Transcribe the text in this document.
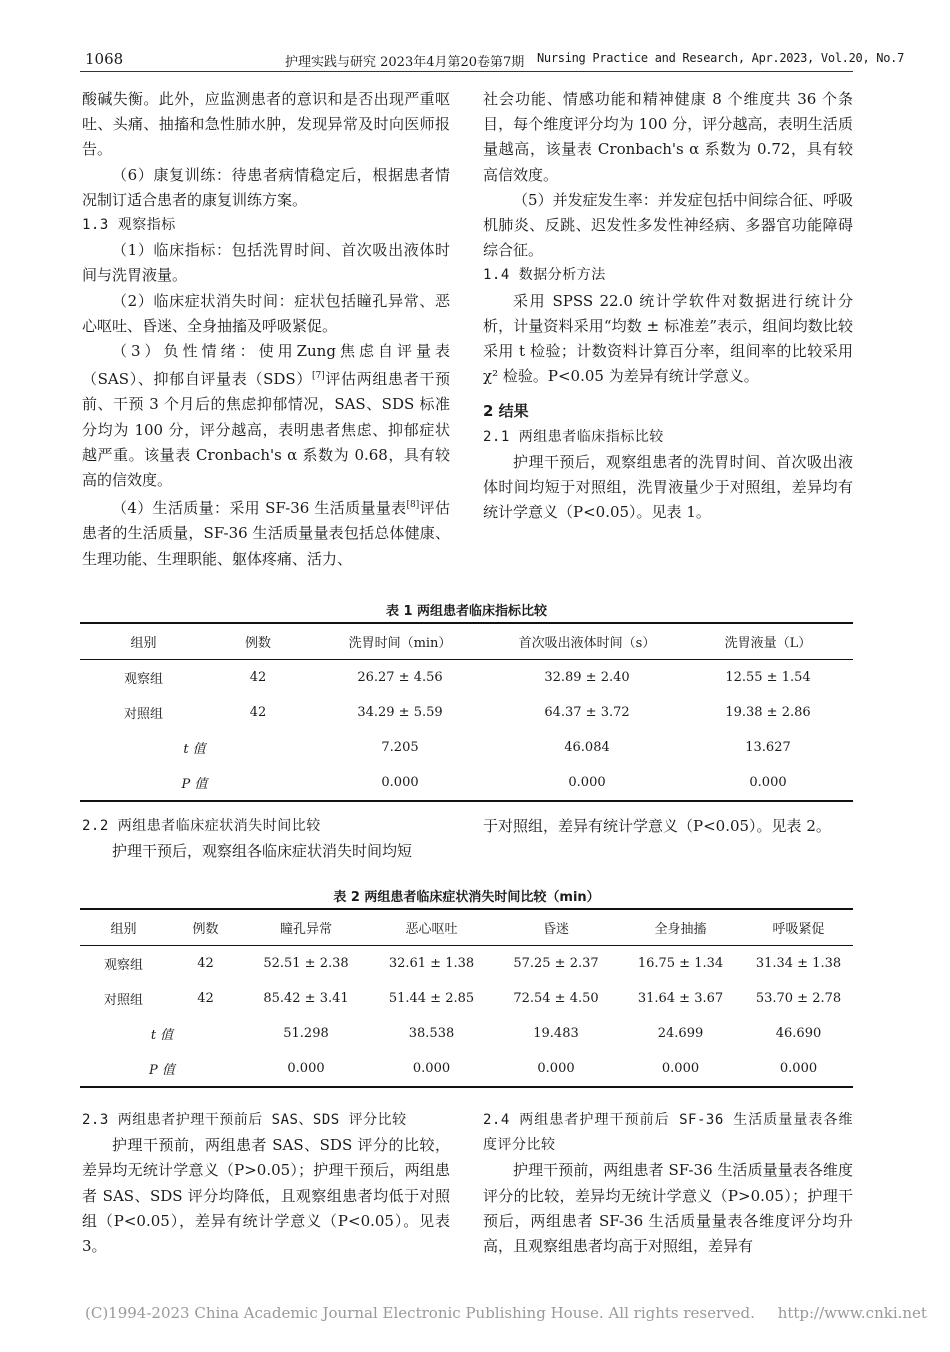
1068	护理实践与研究 2023年4月第20卷第7期 Nursing Practice and Research, Apr.2023, Vol.20, No.7

酸碱失衡。此外，应监测患者的意识和是否出现严重呕吐、头痛、抽搐和急性肺水肿，发现异常及时向医师报告。

（6）康复训练：待患者病情稳定后，根据患者情况制订适合患者的康复训练方案。

1.3 观察指标

（1）临床指标：包括洗胃时间、首次吸出液体时间与洗胃液量。

（2）临床症状消失时间：症状包括瞳孔异常、恶心呕吐、昏迷、全身抽搐及呼吸紧促。

（3）负性情绪：使用Zung焦虑自评量表（SAS）、抑郁自评量表（SDS）[7]评估两组患者干预前、干预 3 个月后的焦虑抑郁情况，SAS、SDS 标准分均为 100 分，评分越高，表明患者焦虑、抑郁症状越严重。该量表 Cronbach's α 系数为 0.68，具有较高的信效度。

（4）生活质量：采用 SF-36 生活质量量表[8]评估患者的生活质量，SF-36 生活质量量表包括总体健康、生理功能、生理职能、躯体疼痛、活力、

社会功能、情感功能和精神健康 8 个维度共 36 个条目，每个维度评分均为 100 分，评分越高，表明生活质量越高，该量表 Cronbach's α 系数为 0.72，具有较高信效度。

（5）并发症发生率：并发症包括中间综合征、呼吸机肺炎、反跳、迟发性多发性神经病、多器官功能障碍综合征。

1.4 数据分析方法

采用 SPSS 22.0 统计学软件对数据进行统计分析，计量资料采用“均数 ± 标准差”表示，组间均数比较采用 t 检验；计数资料计算百分率，组间率的比较采用 χ² 检验。P<0.05 为差异有统计学意义。

2 结果

2.1 两组患者临床指标比较

护理干预后，观察组患者的洗胃时间、首次吸出液体时间均短于对照组，洗胃液量少于对照组，差异均有统计学意义（P<0.05）。见表 1。

表 1 两组患者临床指标比较
组别	例数	洗胃时间（min）	首次吸出液体时间（s）	洗胃液量（L）
观察组	42	26.27 ± 4.56	32.89 ± 2.40	12.55 ± 1.54
对照组	42	34.29 ± 5.59	64.37 ± 3.72	19.38 ± 2.86
t 值		7.205	46.084	13.627
P 值		0.000	0.000	0.000

2.2 两组患者临床症状消失时间比较

护理干预后，观察组各临床症状消失时间均短

于对照组，差异有统计学意义（P<0.05）。见表 2。

表 2 两组患者临床症状消失时间比较（min）
组别	例数	瞳孔异常	恶心呕吐	昏迷	全身抽搐	呼吸紧促
观察组	42	52.51 ± 2.38	32.61 ± 1.38	57.25 ± 2.37	16.75 ± 1.34	31.34 ± 1.38
对照组	42	85.42 ± 3.41	51.44 ± 2.85	72.54 ± 4.50	31.64 ± 3.67	53.70 ± 2.78
t 值		51.298	38.538	19.483	24.699	46.690
P 值		0.000	0.000	0.000	0.000	0.000

2.3 两组患者护理干预前后 SAS、SDS 评分比较

护理干预前，两组患者 SAS、SDS 评分的比较，差异均无统计学意义（P>0.05）；护理干预后，两组患者 SAS、SDS 评分均降低，且观察组患者均低于对照组（P<0.05），差异有统计学意义（P<0.05）。见表 3。

2.4 两组患者护理干预前后 SF-36 生活质量量表各维度评分比较

护理干预前，两组患者 SF-36 生活质量量表各维度评分的比较，差异均无统计学意义（P>0.05）；护理干预后，两组患者 SF-36 生活质量量表各维度评分均升高，且观察组患者均高于对照组，差异有

(C)1994-2023 China Academic Journal Electronic Publishing House. All rights reserved. http://www.cnki.net
